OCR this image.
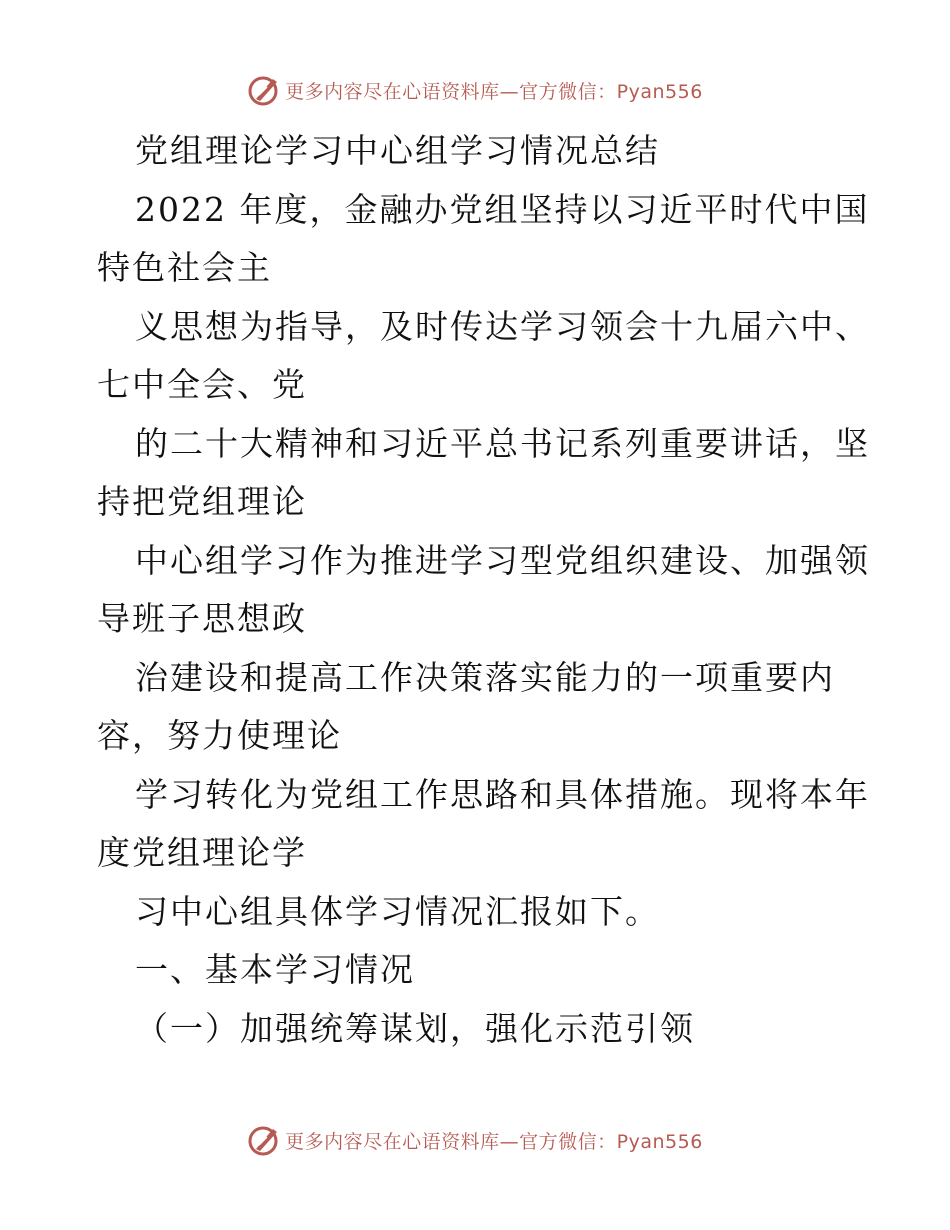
更多内容尽在心语资料库—官方微信：Pyan556
党组理论学习中心组学习情况总结
2022 年度，金融办党组坚持以习近平时代中国
特色社会主
义思想为指导，及时传达学习领会十九届六中、
七中全会、党
的二十大精神和习近平总书记系列重要讲话，坚
持把党组理论
中心组学习作为推进学习型党组织建设、加强领
导班子思想政
治建设和提高工作决策落实能力的一项重要内
容，努力使理论
学习转化为党组工作思路和具体措施。现将本年
度党组理论学
习中心组具体学习情况汇报如下。
一、基本学习情况
（一）加强统筹谋划，强化示范引领
更多内容尽在心语资料库—官方微信：Pyan556
